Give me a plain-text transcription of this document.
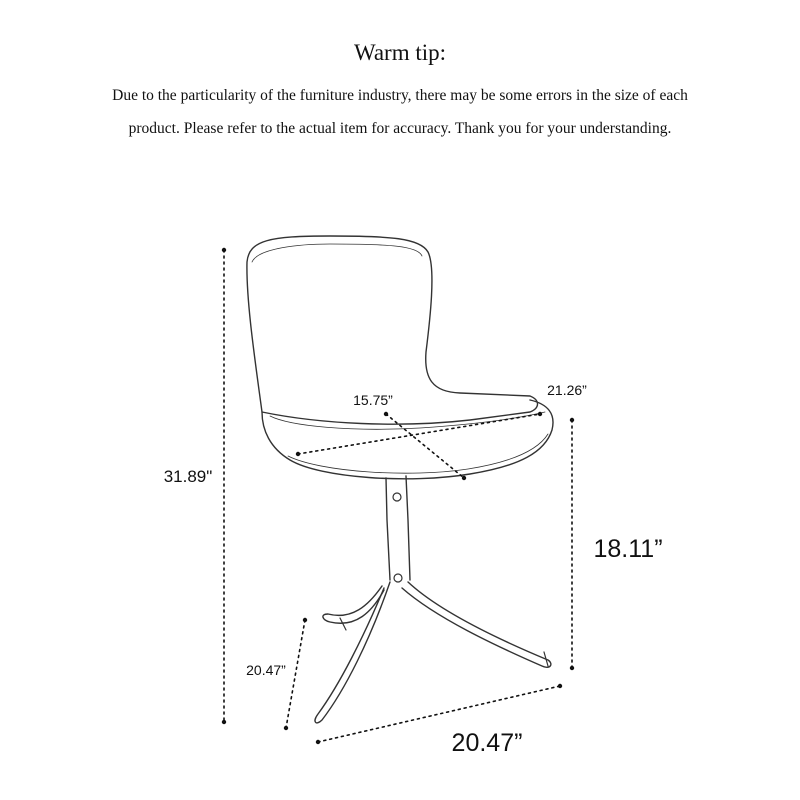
Warm tip:
Due to the particularity of the furniture industry, there may be some errors in the size of each
product. Please refer to the actual item for accuracy. Thank you for your understanding.
31.89"
15.75”
21.26”
18.11”
20.47”
20.47”
